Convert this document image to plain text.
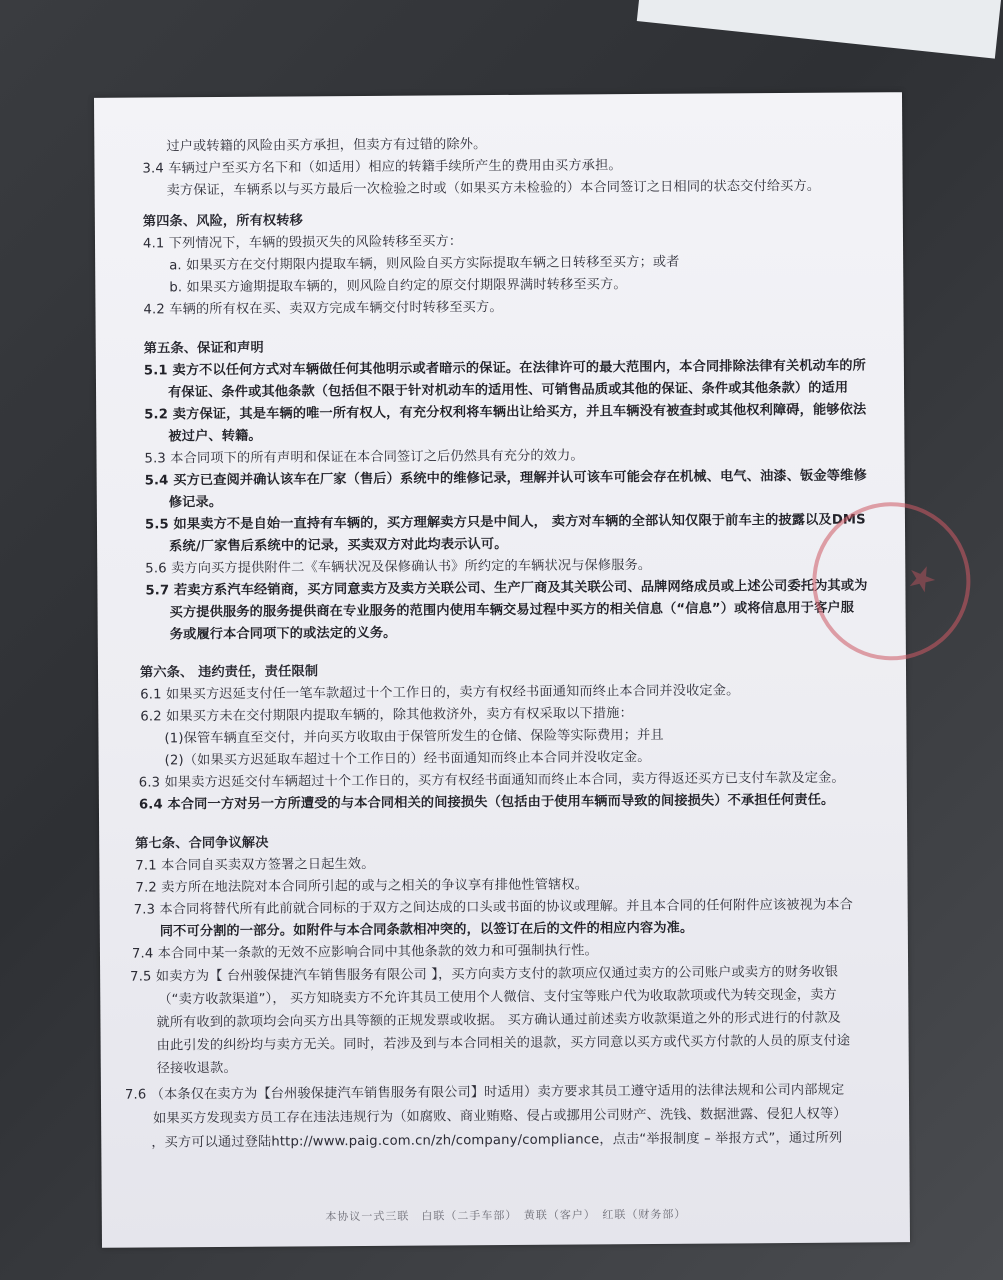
过户或转籍的风险由买方承担，但卖方有过错的除外。
3.4 车辆过户至买方名下和（如适用）相应的转籍手续所产生的费用由买方承担。
卖方保证，车辆系以与买方最后一次检验之时或（如果买方未检验的）本合同签订之日相同的状态交付给买方。
第四条、风险，所有权转移
4.1 下列情况下，车辆的毁损灭失的风险转移至买方：
a. 如果买方在交付期限内提取车辆，则风险自买方实际提取车辆之日转移至买方；或者
b. 如果买方逾期提取车辆的，则风险自约定的原交付期限界满时转移至买方。
4.2 车辆的所有权在买、卖双方完成车辆交付时转移至买方。
第五条、保证和声明
5.1 卖方不以任何方式对车辆做任何其他明示或者暗示的保证。在法律许可的最大范围内，本合同排除法律有关机动车的所
有保证、条件或其他条款（包括但不限于针对机动车的适用性、可销售品质或其他的保证、条件或其他条款）的适用
5.2 卖方保证，其是车辆的唯一所有权人，有充分权利将车辆出让给买方，并且车辆没有被查封或其他权利障碍，能够依法
被过户、转籍。
5.3 本合同项下的所有声明和保证在本合同签订之后仍然具有充分的效力。
5.4 买方已查阅并确认该车在厂家（售后）系统中的维修记录，理解并认可该车可能会存在机械、电气、油漆、钣金等维修
修记录。
5.5 如果卖方不是自始一直持有车辆的，买方理解卖方只是中间人， 卖方对车辆的全部认知仅限于前车主的披露以及DMS
系统/厂家售后系统中的记录，买卖双方对此均表示认可。
5.6 卖方向买方提供附件二《车辆状况及保修确认书》所约定的车辆状况与保修服务。
5.7 若卖方系汽车经销商，买方同意卖方及卖方关联公司、生产厂商及其关联公司、品牌网络成员或上述公司委托为其或为
买方提供服务的服务提供商在专业服务的范围内使用车辆交易过程中买方的相关信息（“信息”）或将信息用于客户服
务或履行本合同项下的或法定的义务。
第六条、 违约责任，责任限制
6.1 如果买方迟延支付任一笔车款超过十个工作日的，卖方有权经书面通知而终止本合同并没收定金。
6.2 如果买方未在交付期限内提取车辆的，除其他救济外，卖方有权采取以下措施：
(1)保管车辆直至交付，并向买方收取由于保管所发生的仓储、保险等实际费用；并且
(2)（如果买方迟延取车超过十个工作日的）经书面通知而终止本合同并没收定金。
6.3 如果卖方迟延交付车辆超过十个工作日的，买方有权经书面通知而终止本合同，卖方得返还买方已支付车款及定金。
6.4 本合同一方对另一方所遭受的与本合同相关的间接损失（包括由于使用车辆而导致的间接损失）不承担任何责任。
第七条、合同争议解决
7.1 本合同自买卖双方签署之日起生效。
7.2 卖方所在地法院对本合同所引起的或与之相关的争议享有排他性管辖权。
7.3 本合同将替代所有此前就合同标的于双方之间达成的口头或书面的协议或理解。并且本合同的任何附件应该被视为本合
同不可分割的一部分。如附件与本合同条款相冲突的，以签订在后的文件的相应内容为准。
7.4 本合同中某一条款的无效不应影响合同中其他条款的效力和可强制执行性。
7.5 如卖方为【 台州骏保捷汽车销售服务有限公司 】，买方向卖方支付的款项应仅通过卖方的公司账户或卖方的财务收银
（“卖方收款渠道”）， 买方知晓卖方不允许其员工使用个人微信、支付宝等账户代为收取款项或代为转交现金，卖方
就所有收到的款项均会向买方出具等额的正规发票或收据。 买方确认通过前述卖方收款渠道之外的形式进行的付款及
由此引发的纠纷均与卖方无关。同时，若涉及到与本合同相关的退款，买方同意以买方或代买方付款的人员的原支付途
径接收退款。
7.6 （本条仅在卖方为【台州骏保捷汽车销售服务有限公司】时适用）卖方要求其员工遵守适用的法律法规和公司内部规定
如果买方发现卖方员工存在违法违规行为（如腐败、商业贿赂、侵占或挪用公司财产、洗钱、数据泄露、侵犯人权等）
，买方可以通过登陆http://www.paig.com.cn/zh/company/compliance，点击“举报制度 – 举报方式”，通过所列
本协议一式三联　白联（二手车部）　黄联（客户）　红联（财务部）
★
